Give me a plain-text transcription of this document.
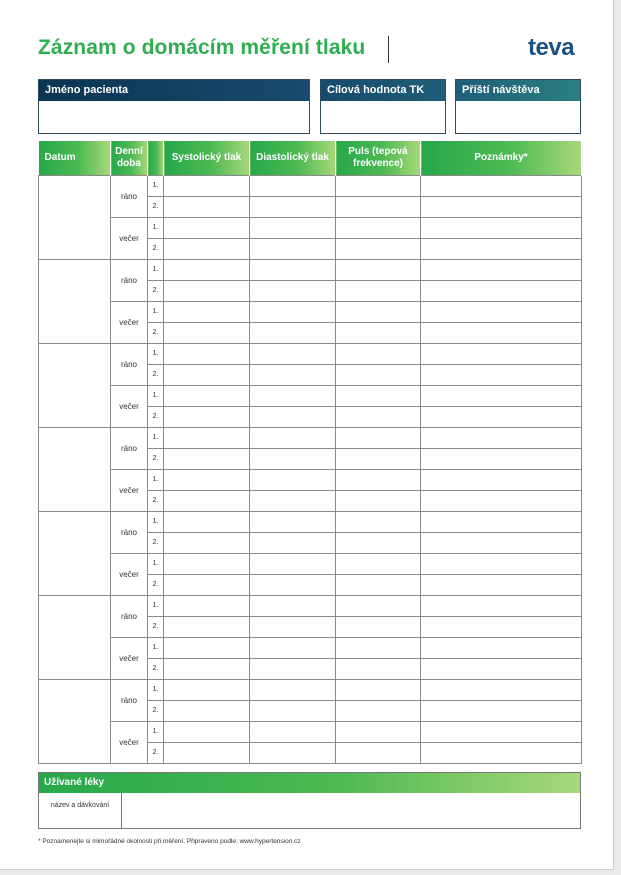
Záznam o domácím měření tlaku	teva
Jméno pacienta	Cílová hodnota TK	Příští návštěva
Datum	Denní doba		Systolický tlak	Diastolický tlak	Puls (tepová frekvence)	Poznámky*
	ráno	1.				
		2.				
	večer	1.				
		2.				
	ráno	1.				
		2.				
	večer	1.				
		2.				
	ráno	1.				
		2.				
	večer	1.				
		2.				
	ráno	1.				
		2.				
	večer	1.				
		2.				
	ráno	1.				
		2.				
	večer	1.				
		2.				
	ráno	1.				
		2.				
	večer	1.				
		2.				
	ráno	1.				
		2.				
	večer	1.				
		2.				
Užívané léky
název a dávkování
* Poznamenejte si mimořádné okolnosti při měření. Připraveno podle: www.hypertension.cz
